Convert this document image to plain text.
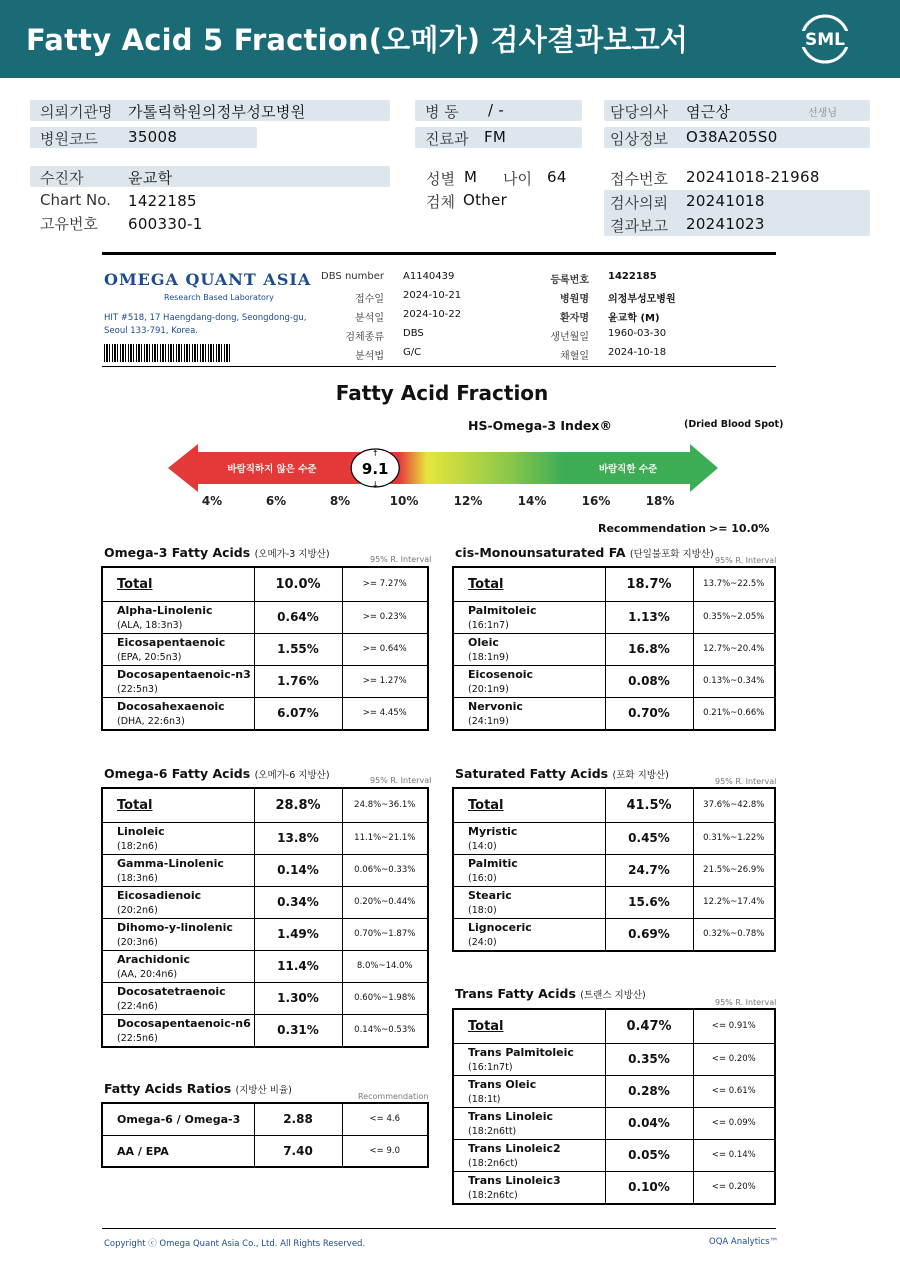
Fatty Acid 5 Fraction(오메가) 검사결과보고서	SML
의뢰기관명 가톨릭학원의정부성모병원
병원코드 35008
병 동 / -
진료과 FM
담당의사 염근상	선생님
임상정보 O38A205S0
수진자	윤교학
Chart No. 1422185
고유번호 600330-1
성별 M 나이 64
검체 Other
접수번호 20241018-21968
검사의뢰 20241018
결과보고 20241023
OMEGA QUANT ASIA
Research Based Laboratory
HIT #518, 17 Haengdang-dong, Seongdong-gu,
Seoul 133-791, Korea.
DBS number A1140439
접수일 2024-10-21
분석일 2024-10-22
검체종류 DBS
분석법 G/C
등록번호 1422185
병원명 의정부성모병원
환자명 윤교학 (M)
생년월일 1960-03-30
채혈일 2024-10-18
Fatty Acid Fraction
HS-Omega-3 Index®	(Dried Blood Spot)
바람직하지 않은 수준	바람직한 수준
9.1
↑
↓
4%	6%	8%	10%	12%	14%	16%	18%
Recommendation >= 10.0%
Omega-3 Fatty Acids (오메가-3 지방산)	95% R. Interval cis-Monounsaturated FA (단일불포화 지방산)
95% R. Interval
Omega-6 Fatty Acids (오메가-6 지방산)	95% R. Interval Saturated Fatty Acids (포화 지방산)
95% R. Interval
Trans Fatty Acids (트랜스 지방산)
95% R. Interval
Fatty Acids Ratios (지방산 비율)
Recommendation
Total	10.0%	>= 7.27%
Alpha-Linolenic
(ALA, 18:3n3)	0.64%	>= 0.23%
Eicosapentaenoic
(EPA, 20:5n3)	1.55%	>= 0.64%
Docosapentaenoic-n3
(22:5n3)	1.76%	>= 1.27%
Docosahexaenoic
(DHA, 22:6n3)	6.07%	>= 4.45%
Total	18.7%	13.7%~22.5%
Palmitoleic
(16:1n7)	1.13%	0.35%~2.05%
Oleic
(18:1n9)	16.8%	12.7%~20.4%
Eicosenoic
(20:1n9)	0.08%	0.13%~0.34%
Nervonic
(24:1n9)	0.70%	0.21%~0.66%
Total	28.8%	24.8%~36.1%
Linoleic
(18:2n6)	13.8%	11.1%~21.1%
Gamma-Linolenic
(18:3n6)	0.14%	0.06%~0.33%
Eicosadienoic
(20:2n6)	0.34%	0.20%~0.44%
Dihomo-y-linolenic
(20:3n6)	1.49%	0.70%~1.87%
Arachidonic
(AA, 20:4n6)	11.4%	8.0%~14.0%
Docosatetraenoic
(22:4n6)	1.30%	0.60%~1.98%
Docosapentaenoic-n6
(22:5n6)	0.31%	0.14%~0.53%
Total	41.5%	37.6%~42.8%
Myristic
(14:0)	0.45%	0.31%~1.22%
Palmitic
(16:0)	24.7%	21.5%~26.9%
Stearic
(18:0)	15.6%	12.2%~17.4%
Lignoceric
(24:0)	0.69%	0.32%~0.78%
Total	0.47%	<= 0.91%
Trans Palmitoleic
(16:1n7t)	0.35%	<= 0.20%
Trans Oleic
(18:1t)	0.28%	<= 0.61%
Trans Linoleic
(18:2n6tt)	0.04%	<= 0.09%
Trans Linoleic2
(18:2n6ct)	0.05%	<= 0.14%
Trans Linoleic3
(18:2n6tc)	0.10%	<= 0.20%
Omega-6 / Omega-3	2.88	<= 4.6
AA / EPA	7.40	<= 9.0
Copyright ⓒ Omega Quant Asia Co., Ltd. All Rights Reserved.	OQA Analytics™
